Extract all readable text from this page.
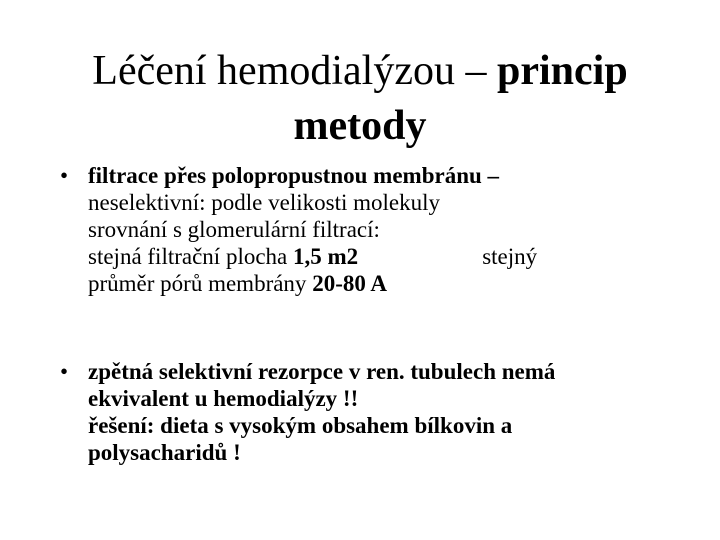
Léčení hemodialýzou – princip
metody
• filtrace přes polopropustnou membránu –
neselektivní: podle velikosti molekuly
srovnání s glomerulární filtrací:
stejná filtrační plocha 1,5 m2	stejný
průměr pórů membrány 20-80 A
• zpětná selektivní rezorpce v ren. tubulech nemá
ekvivalent u hemodialýzy !!
řešení: dieta s vysokým obsahem bílkovin a
polysacharidů !
